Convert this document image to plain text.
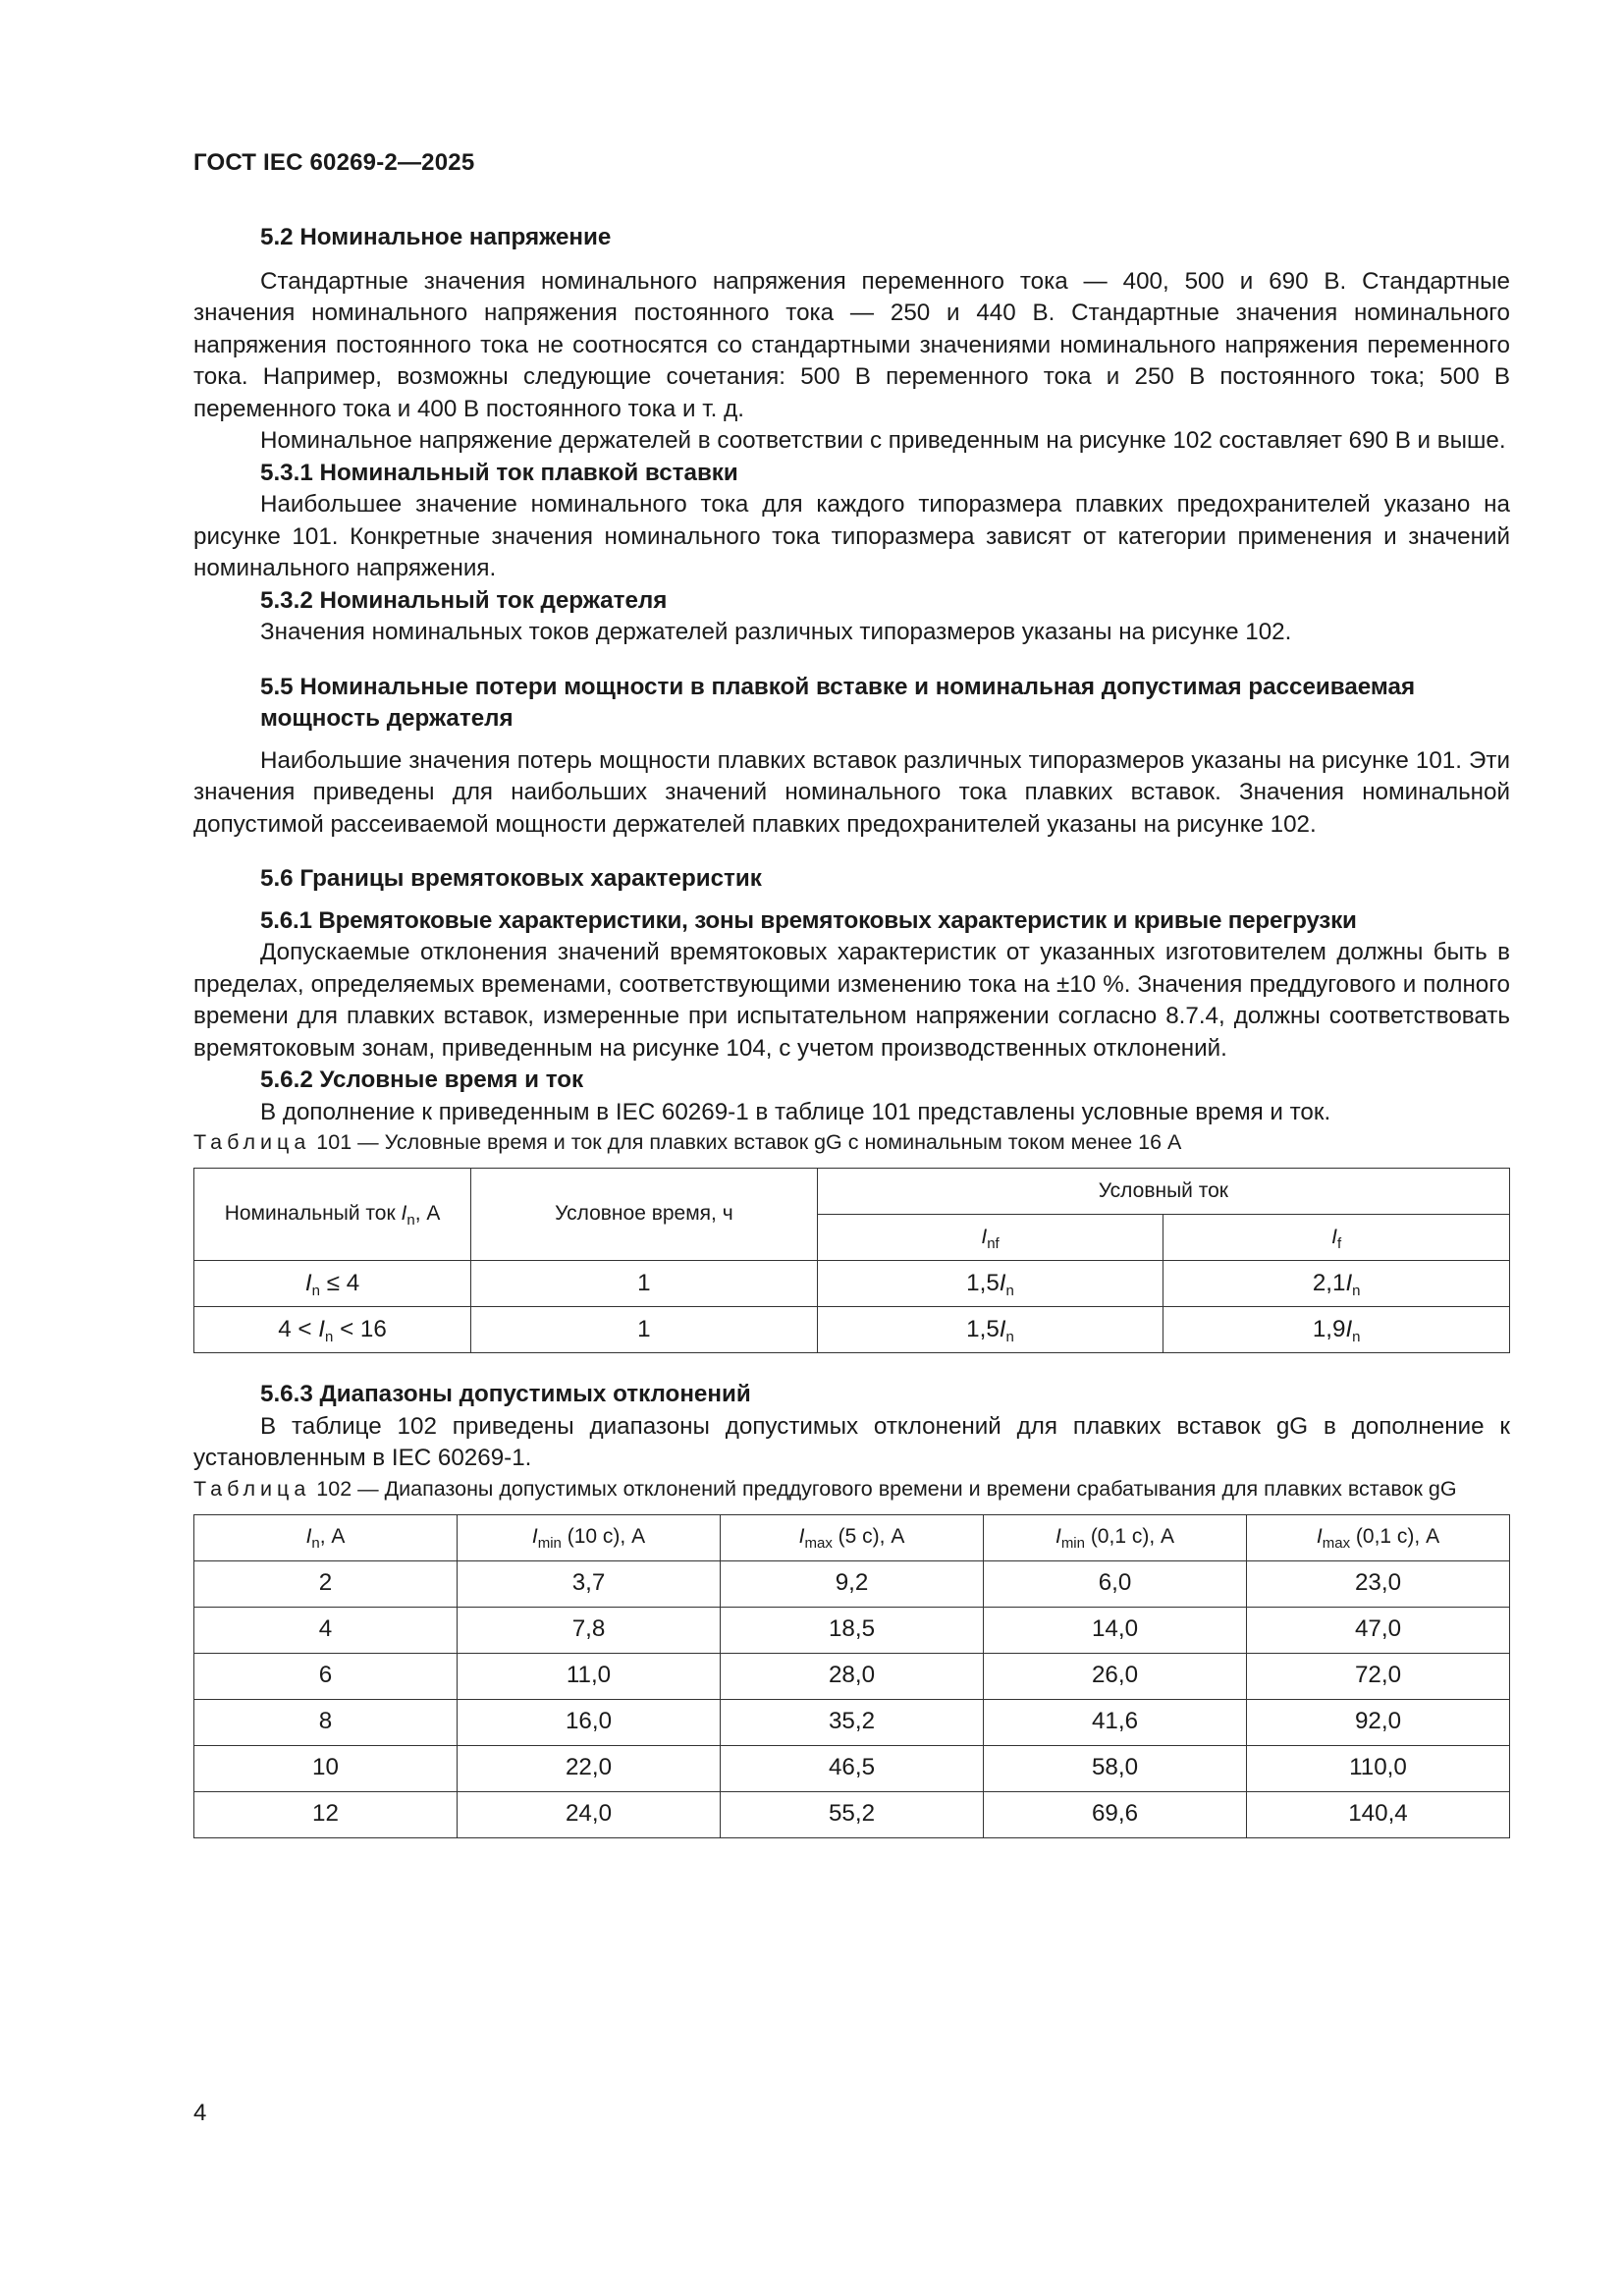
ГОСТ IEC 60269-2—2025

5.2 Номинальное напряжение

Стандартные значения номинального напряжения переменного тока — 400, 500 и 690 В. Стандартные значения номинального напряжения постоянного тока — 250 и 440 В. Стандартные значения номинального напряжения постоянного тока не соотносятся со стандартными значениями номинального напряжения переменного тока. Например, возможны следующие сочетания: 500 В переменного тока и 250 В постоянного тока; 500 В переменного тока и 400 В постоянного тока и т. д.

Номинальное напряжение держателей в соответствии с приведенным на рисунке 102 составляет 690 В и выше.

5.3.1 Номинальный ток плавкой вставки

Наибольшее значение номинального тока для каждого типоразмера плавких предохранителей указано на рисунке 101. Конкретные значения номинального тока типоразмера зависят от категории применения и значений номинального напряжения.

5.3.2 Номинальный ток держателя

Значения номинальных токов держателей различных типоразмеров указаны на рисунке 102.

5.5 Номинальные потери мощности в плавкой вставке и номинальная допустимая рассеиваемая мощность держателя

Наибольшие значения потерь мощности плавких вставок различных типоразмеров указаны на рисунке 101. Эти значения приведены для наибольших значений номинального тока плавких вставок. Значения номинальной допустимой рассеиваемой мощности держателей плавких предохранителей указаны на рисунке 102.

5.6 Границы времятоковых характеристик

5.6.1 Времятоковые характеристики, зоны времятоковых характеристик и кривые перегрузки

Допускаемые отклонения значений времятоковых характеристик от указанных изготовителем должны быть в пределах, определяемых временами, соответствующими изменению тока на ±10 %. Значения преддугового и полного времени для плавких вставок, измеренные при испытательном напряжении согласно 8.7.4, должны соответствовать времятоковым зонам, приведенным на рисунке 104, с учетом производственных отклонений.

5.6.2 Условные время и ток

В дополнение к приведенным в IEC 60269-1 в таблице 101 представлены условные время и ток.

Таблица 101 — Условные время и ток для плавких вставок gG с номинальным током менее 16 А

Номинальный ток $I_n$, А	Условное время, ч	Условный ток	
		$I_{nf}$	$I_f$
$I_n \le 4$	1	$1,5I_n$	$2,1I_n$
$4 < I_n < 16$	1	$1,5I_n$	$1,9I_n$

5.6.3 Диапазоны допустимых отклонений

В таблице 102 приведены диапазоны допустимых отклонений для плавких вставок gG в дополнение к установленным в IEC 60269-1.

Таблица 102 — Диапазоны допустимых отклонений преддугового времени и времени срабатывания для плавких вставок gG

$I_n$, А	$I_{min}$ (10 с), А	$I_{max}$ (5 с), А	$I_{min}$ (0,1 с), А	$I_{max}$ (0,1 с), А
2	3,7	9,2	6,0	23,0
4	7,8	18,5	14,0	47,0
6	11,0	28,0	26,0	72,0
8	16,0	35,2	41,6	92,0
10	22,0	46,5	58,0	110,0
12	24,0	55,2	69,6	140,4
4
